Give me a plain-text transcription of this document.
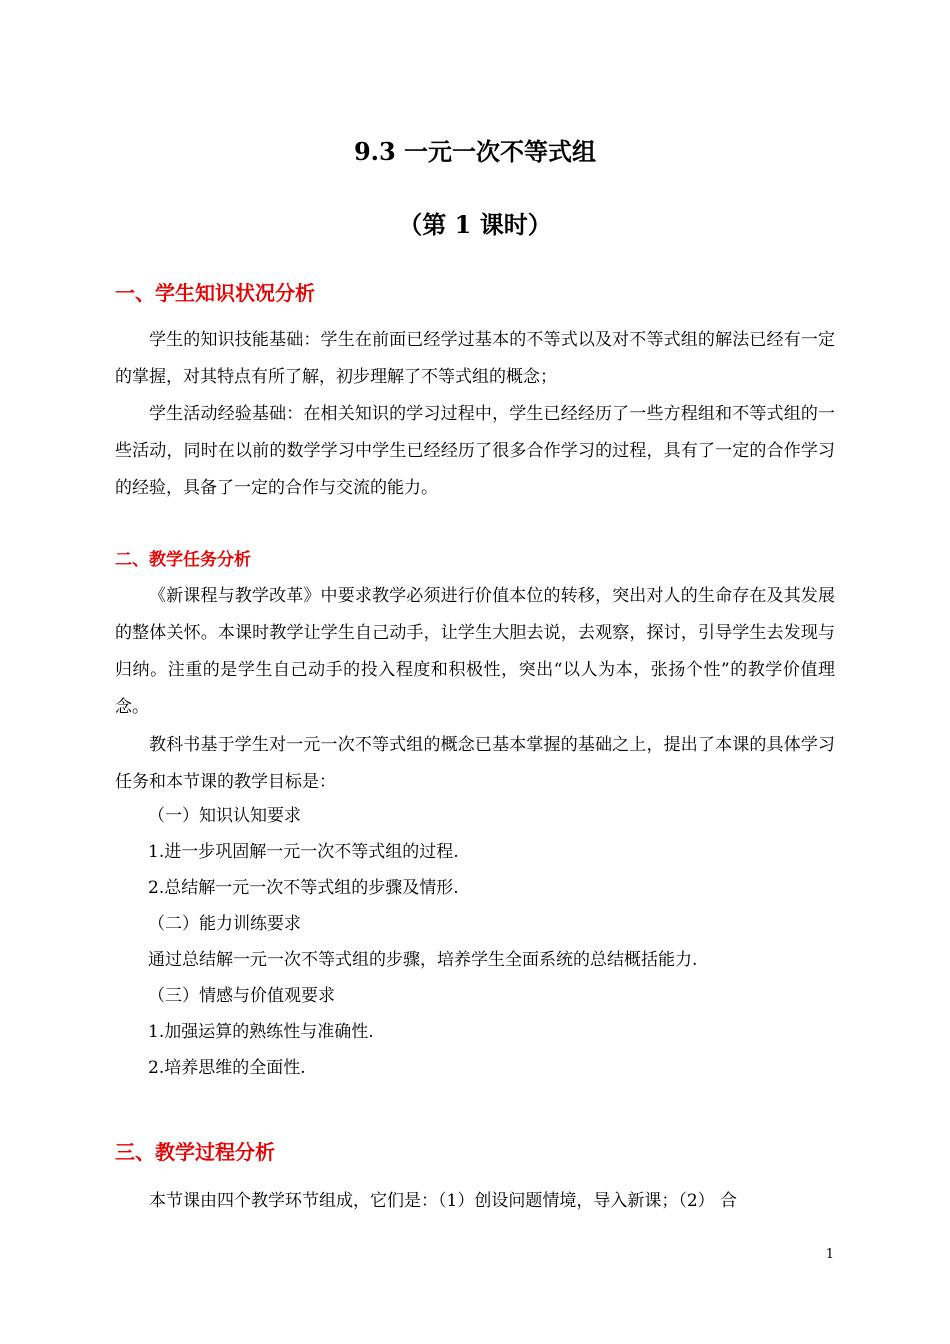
9.3 一元一次不等式组
（第 1 课时）
一、学生知识状况分析
学生的知识技能基础：学生在前面已经学过基本的不等式以及对不等式组的解法已经有一定的掌握，对其特点有所了解，初步理解了不等式组的概念；
学生活动经验基础：在相关知识的学习过程中，学生已经经历了一些方程组和不等式组的一些活动，同时在以前的数学学习中学生已经经历了很多合作学习的过程，具有了一定的合作学习的经验，具备了一定的合作与交流的能力。
二、教学任务分析
《新课程与教学改革》中要求教学必须进行价值本位的转移，突出对人的生命存在及其发展的整体关怀。本课时教学让学生自己动手，让学生大胆去说，去观察，探讨，引导学生去发现与归纳。注重的是学生自己动手的投入程度和积极性，突出“以人为本，张扬个性”的教学价值理念。
教科书基于学生对一元一次不等式组的概念已基本掌握的基础之上，提出了本课的具体学习任务和本节课的教学目标是：
（一）知识认知要求
1.进一步巩固解一元一次不等式组的过程.
2.总结解一元一次不等式组的步骤及情形.
（二）能力训练要求
通过总结解一元一次不等式组的步骤，培养学生全面系统的总结概括能力.
（三）情感与价值观要求
1.加强运算的熟练性与准确性.
2.培养思维的全面性.
三、教学过程分析
本节课由四个教学环节组成，它们是：（1）创设问题情境，导入新课；（2） 合
1
